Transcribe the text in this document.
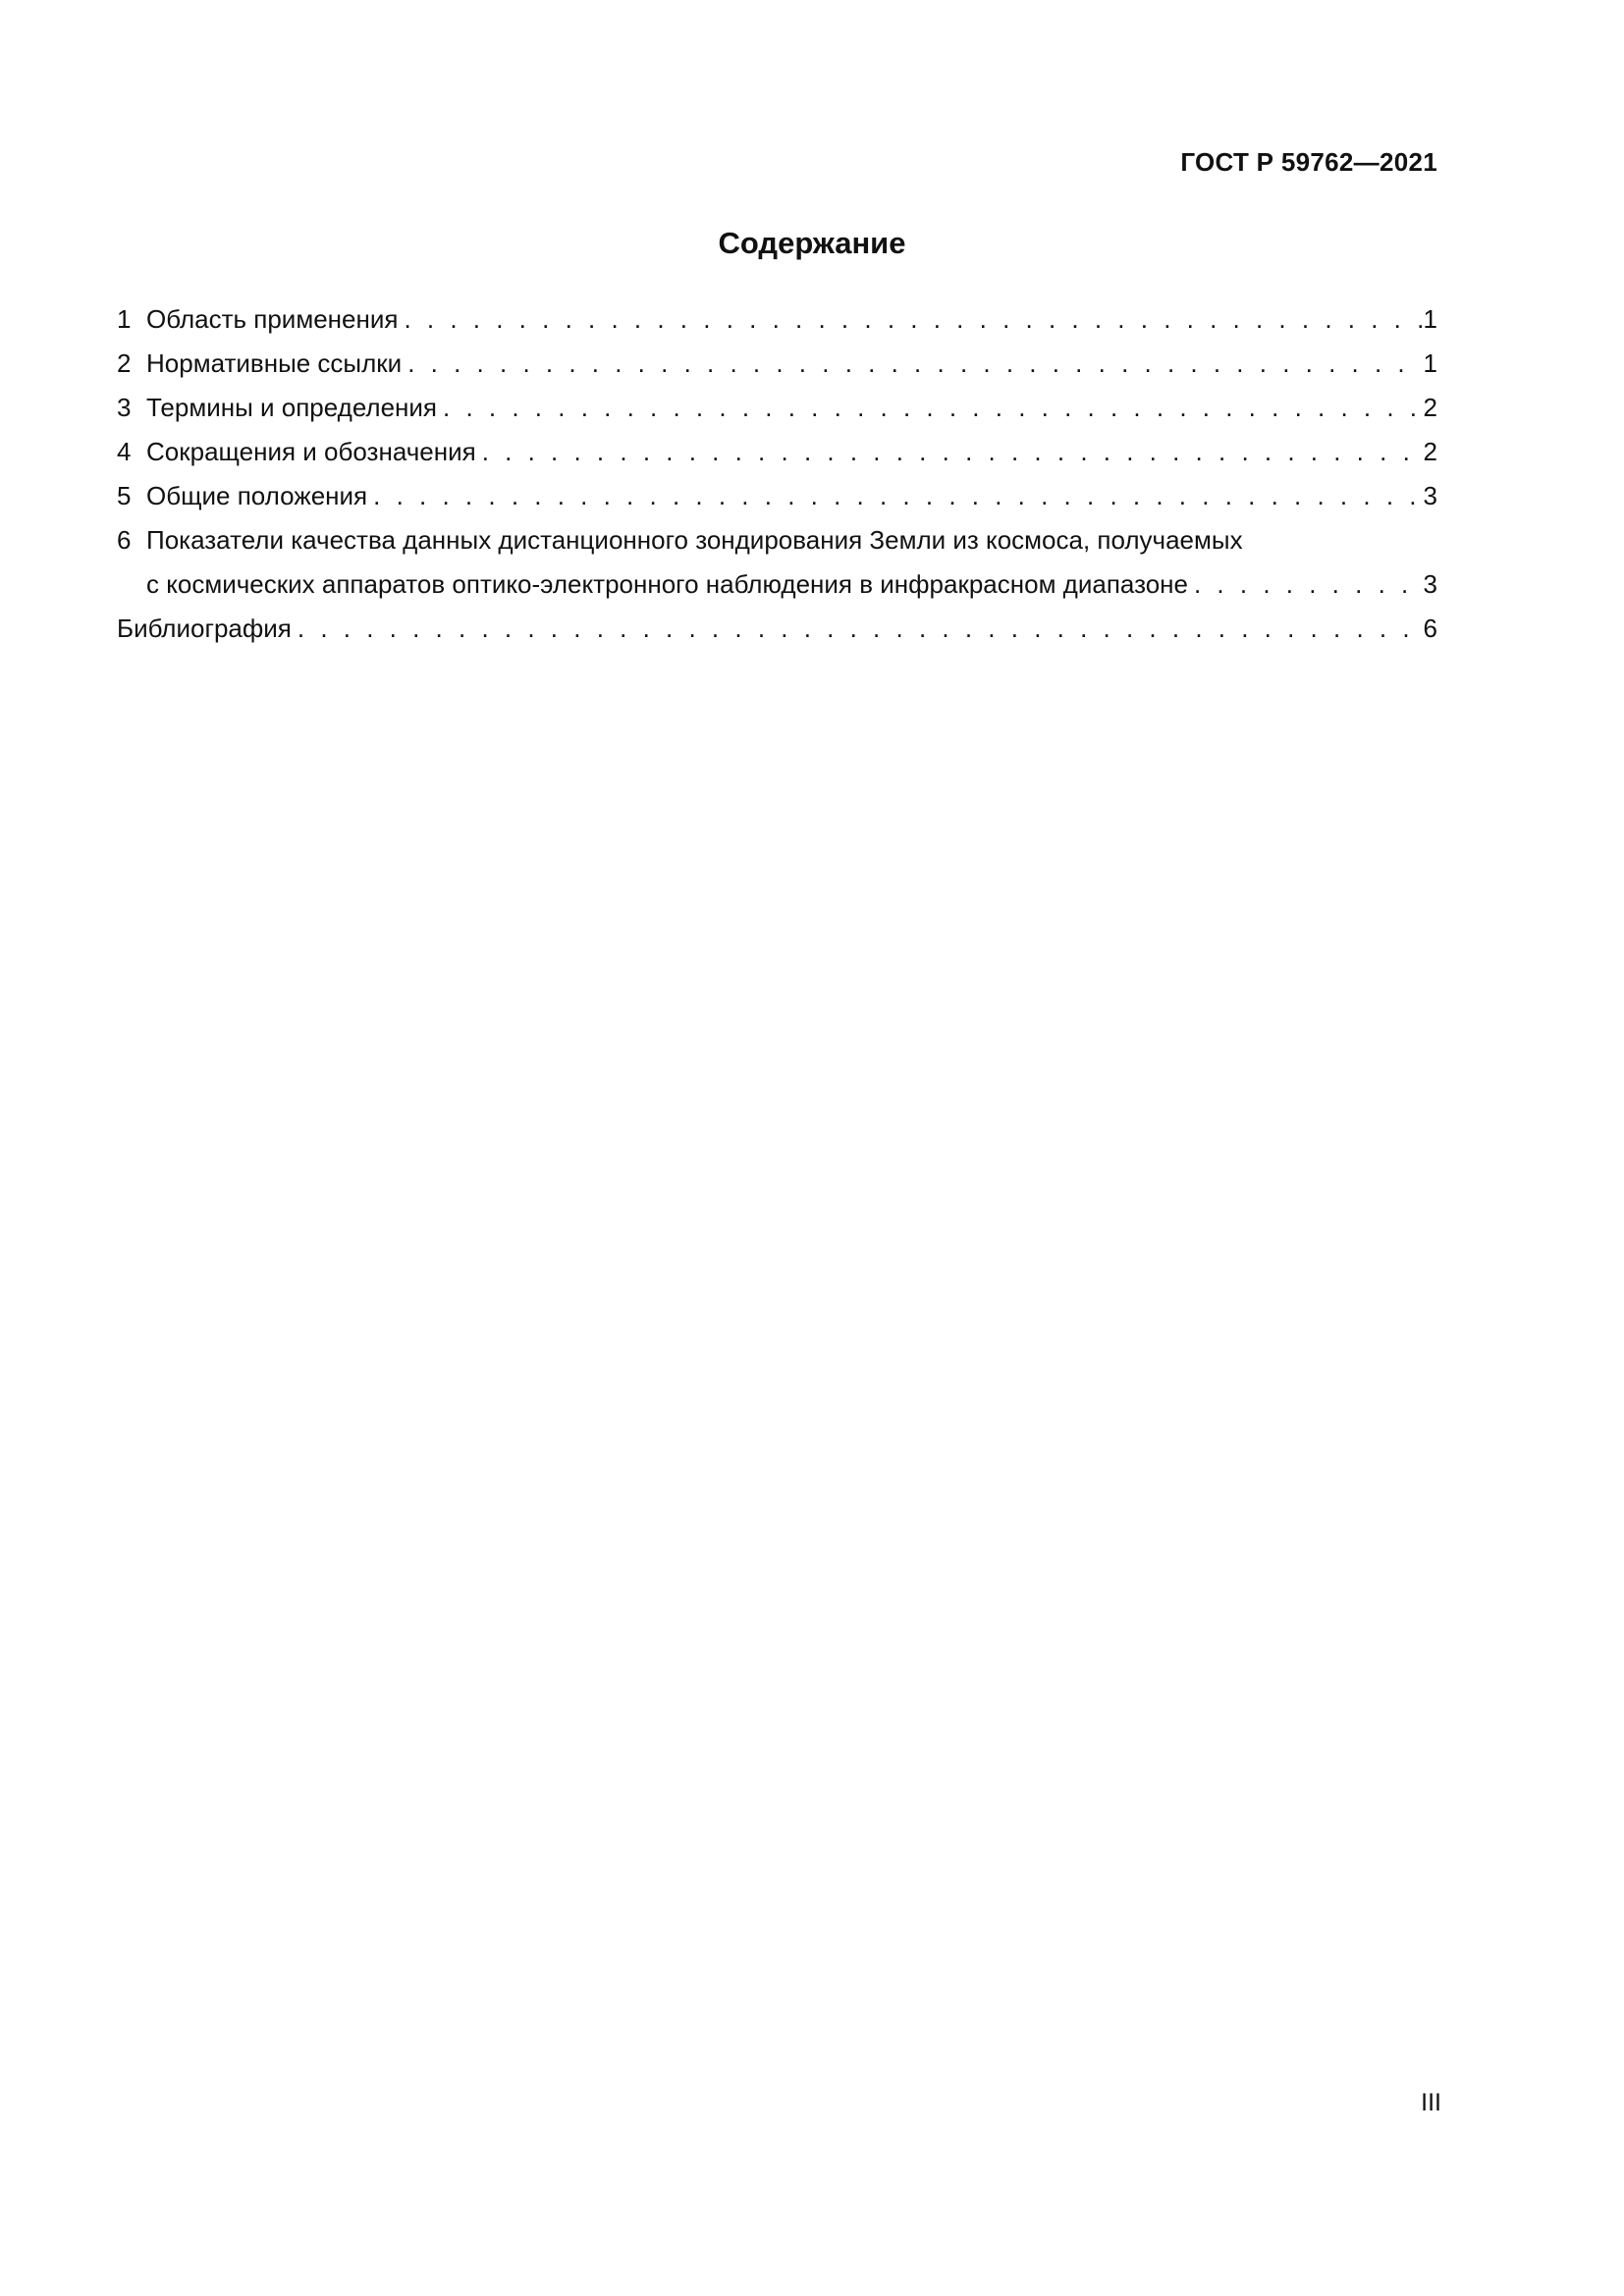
ГОСТ Р 59762—2021
Содержание
1 Область применения . . .	1
2 Нормативные ссылки . . .	1
3 Термины и определения . . .	2
4 Сокращения и обозначения . . .	2
5 Общие положения . . .	3
6 Показатели качества данных дистанционного зондирования Земли из космоса, получаемых
с космических аппаратов оптико-электронного наблюдения в инфракрасном диапазоне . . .	3
Библиография . . .	6
III
